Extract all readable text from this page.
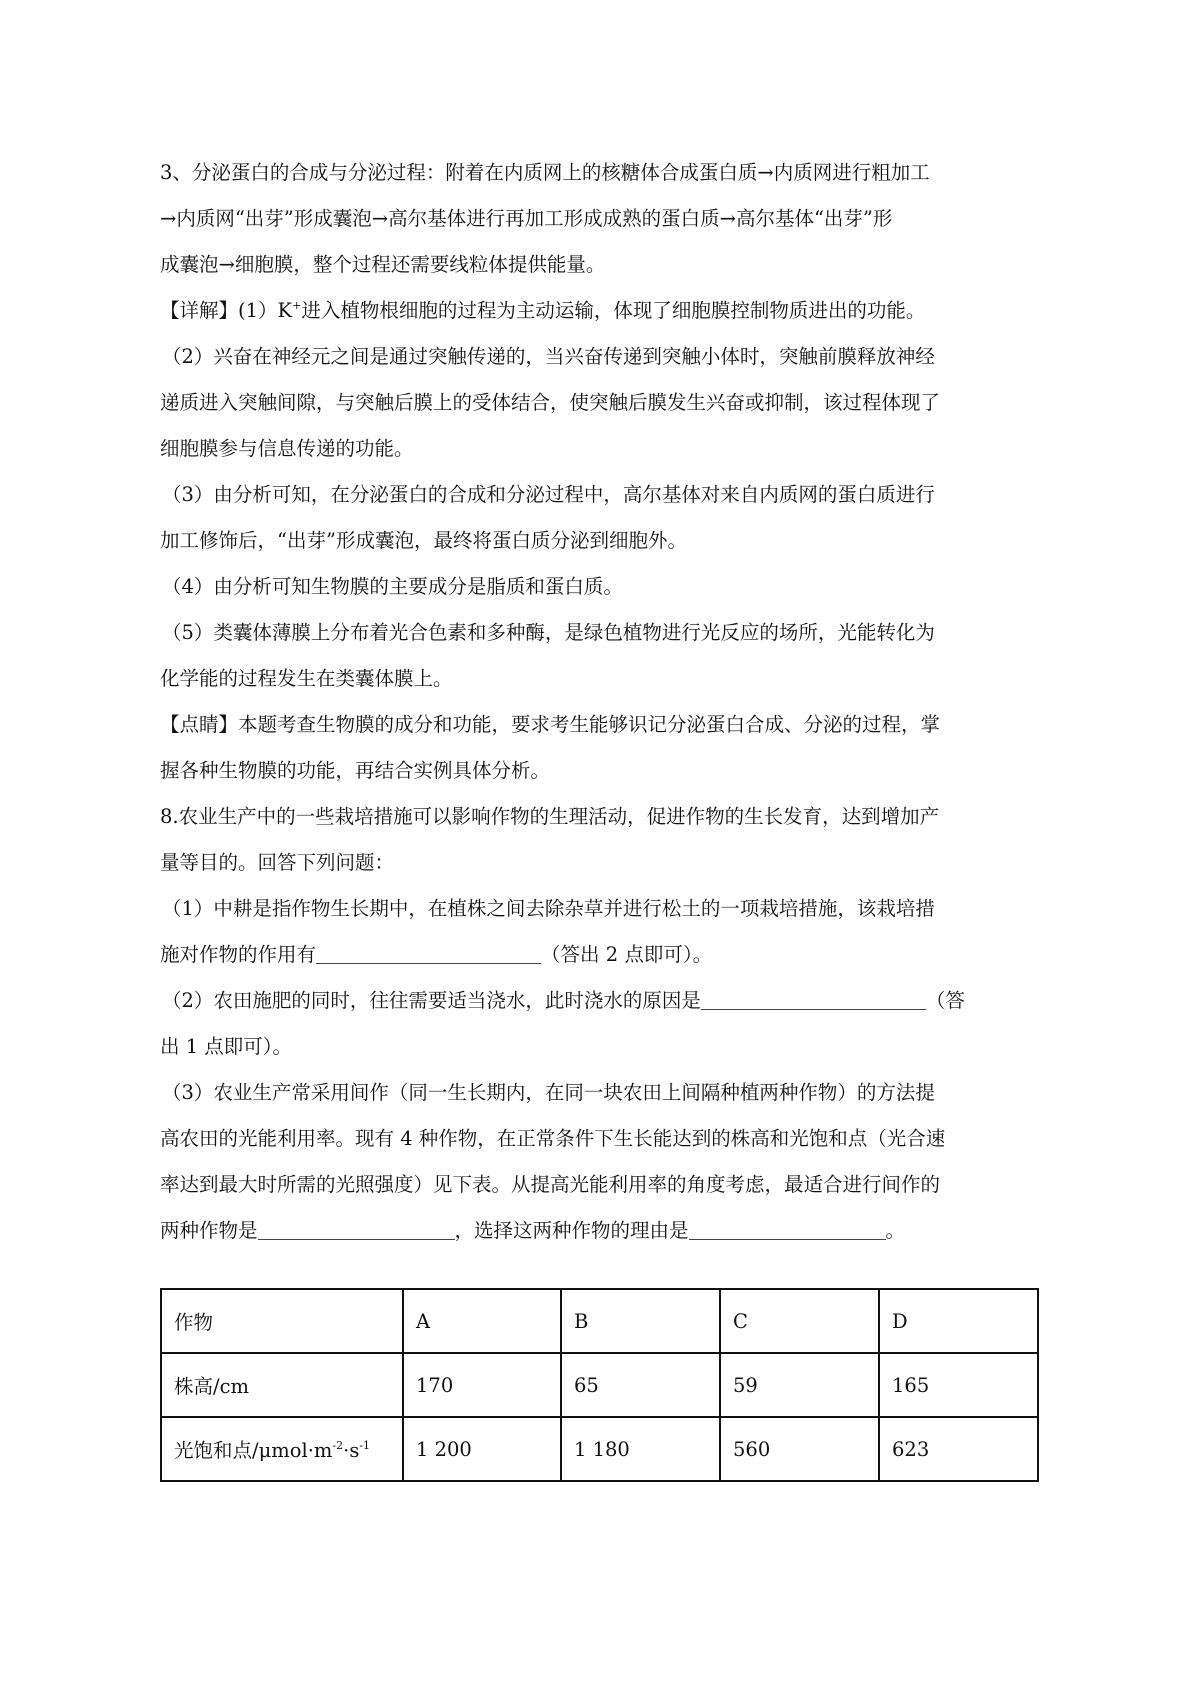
3、分泌蛋白的合成与分泌过程：附着在内质网上的核糖体合成蛋白质→内质网进行粗加工
→内质网“出芽”形成囊泡→高尔基体进行再加工形成成熟的蛋白质→高尔基体“出芽”形
成囊泡→细胞膜，整个过程还需要线粒体提供能量。
【详解】(1）K+进入植物根细胞的过程为主动运输，体现了细胞膜控制物质进出的功能。
（2）兴奋在神经元之间是通过突触传递的，当兴奋传递到突触小体时，突触前膜释放神经
递质进入突触间隙，与突触后膜上的受体结合，使突触后膜发生兴奋或抑制，该过程体现了
细胞膜参与信息传递的功能。
（3）由分析可知，在分泌蛋白的合成和分泌过程中，高尔基体对来自内质网的蛋白质进行
加工修饰后，“出芽”形成囊泡，最终将蛋白质分泌到细胞外。
（4）由分析可知生物膜的主要成分是脂质和蛋白质。
（5）类囊体薄膜上分布着光合色素和多种酶，是绿色植物进行光反应的场所，光能转化为
化学能的过程发生在类囊体膜上。
【点睛】本题考查生物膜的成分和功能，要求考生能够识记分泌蛋白合成、分泌的过程，掌
握各种生物膜的功能，再结合实例具体分析。
8.农业生产中的一些栽培措施可以影响作物的生理活动，促进作物的生长发育，达到增加产
量等目的。回答下列问题：
（1）中耕是指作物生长期中，在植株之间去除杂草并进行松土的一项栽培措施，该栽培措
施对作物的作用有	（答出 2 点即可）。
（2）农田施肥的同时，往往需要适当浇水，此时浇水的原因是	（答
出 1 点即可）。
（3）农业生产常采用间作（同一生长期内，在同一块农田上间隔种植两种作物）的方法提
高农田的光能利用率。现有 4 种作物，在正常条件下生长能达到的株高和光饱和点（光合速
率达到最大时所需的光照强度）见下表。从提高光能利用率的角度考虑，最适合进行间作的
两种作物是	，选择这两种作物的理由是	。
作物	A	B	C	D
株高/cm	170	65	59	165
光饱和点$/\mu mol\cdot m^{-2}\cdot s^{-1}$	1 200	1 180	560	623
